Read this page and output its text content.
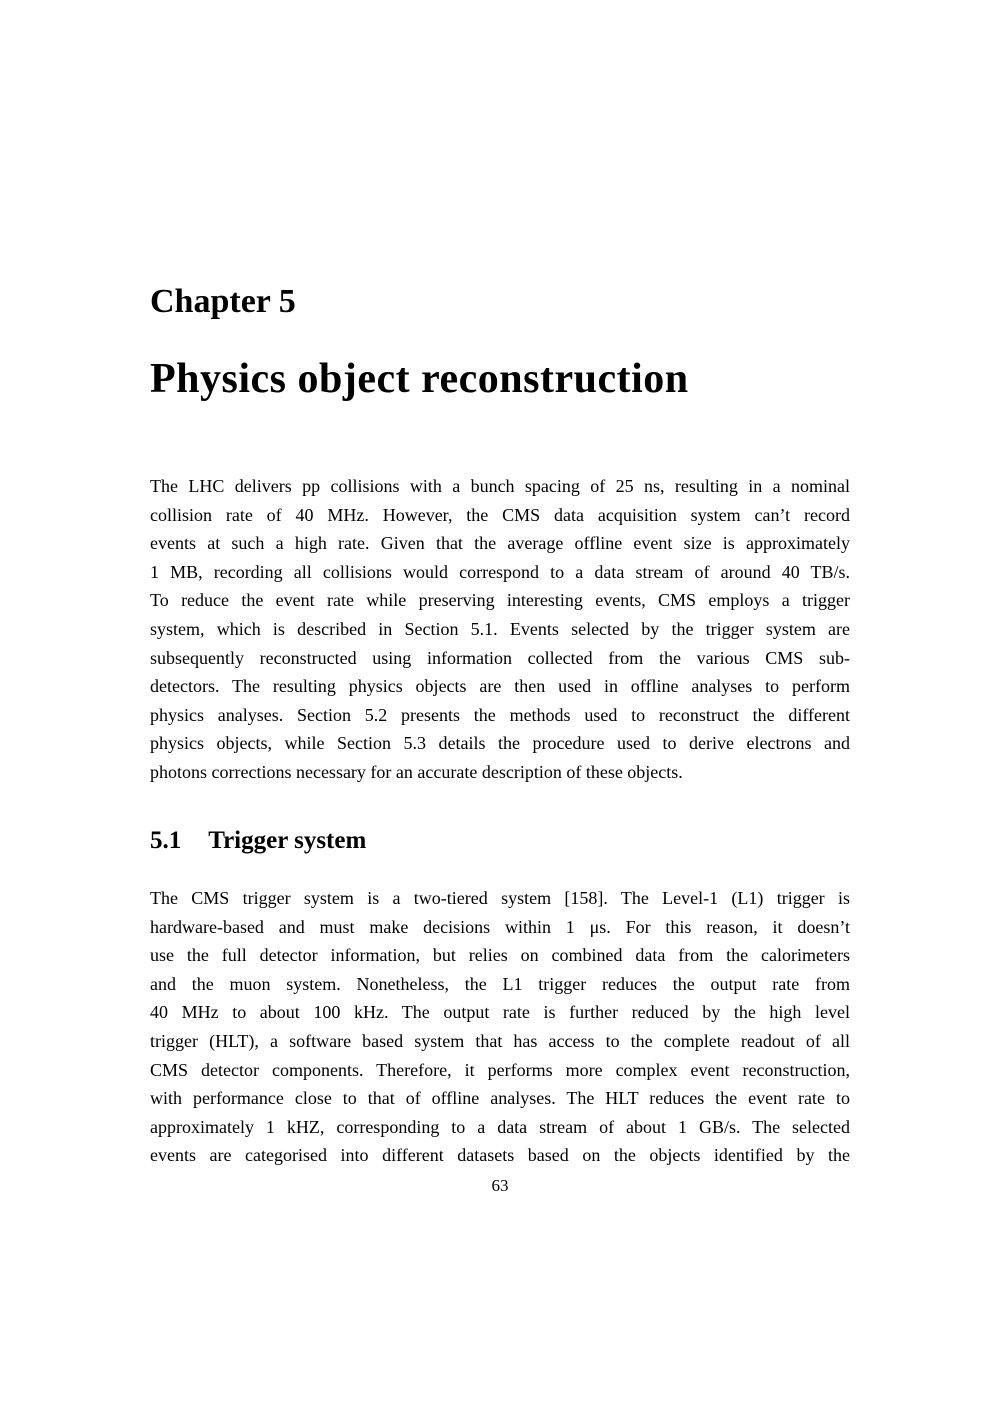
Chapter 5
Physics object reconstruction
The LHC delivers pp collisions with a bunch spacing of 25 ns, resulting in a nominal
collision rate of 40 MHz. However, the CMS data acquisition system can’t record
events at such a high rate. Given that the average offline event size is approximately
1 MB, recording all collisions would correspond to a data stream of around 40 TB/s.
To reduce the event rate while preserving interesting events, CMS employs a trigger
system, which is described in Section 5.1. Events selected by the trigger system are
subsequently reconstructed using information collected from the various CMS sub-
detectors. The resulting physics objects are then used in offline analyses to perform
physics analyses. Section 5.2 presents the methods used to reconstruct the different
physics objects, while Section 5.3 details the procedure used to derive electrons and
photons corrections necessary for an accurate description of these objects.
5.1 Trigger system
The CMS trigger system is a two-tiered system [158]. The Level-1 (L1) trigger is
hardware-based and must make decisions within 1 μs. For this reason, it doesn’t
use the full detector information, but relies on combined data from the calorimeters
and the muon system. Nonetheless, the L1 trigger reduces the output rate from
40 MHz to about 100 kHz. The output rate is further reduced by the high level
trigger (HLT), a software based system that has access to the complete readout of all
CMS detector components. Therefore, it performs more complex event reconstruction,
with performance close to that of offline analyses. The HLT reduces the event rate to
approximately 1 kHZ, corresponding to a data stream of about 1 GB/s. The selected
events are categorised into different datasets based on the objects identified by the
63
